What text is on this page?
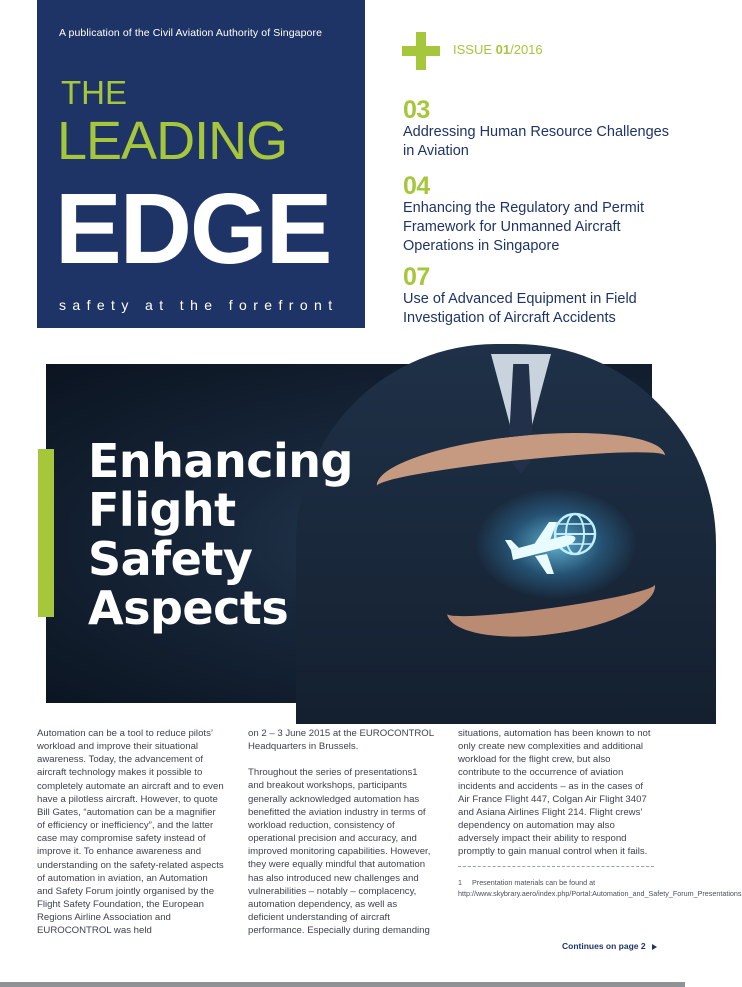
A publication of the Civil Aviation Authority of Singapore
THE
LEADING
EDGE
safety at the forefront
ISSUE 01/2016
03
Addressing Human Resource Challenges in Aviation
04
Enhancing the Regulatory and Permit Framework for Unmanned Aircraft Operations in Singapore
07
Use of Advanced Equipment in Field Investigation of Aircraft Accidents
Enhancing
Flight
Safety
Aspects

Automation can be a tool to reduce pilots’ workload and improve their situational awareness. Today, the advancement of aircraft technology makes it possible to completely automate an aircraft and to even have a pilotless aircraft. However, to quote Bill Gates, “automation can be a magnifier of efficiency or inefficiency”, and the latter case may compromise safety instead of improve it. To enhance awareness and understanding on the safety-related aspects of automation in aviation, an Automation and Safety Forum jointly organised by the Flight Safety Foundation, the European Regions Airline Association and EUROCONTROL was held

on 2 – 3 June 2015 at the EUROCONTROL Headquarters in Brussels.

Throughout the series of presentations1 and breakout workshops, participants generally acknowledged automation has benefitted the aviation industry in terms of workload reduction, consistency of operational precision and accuracy, and improved monitoring capabilities. However, they were equally mindful that automation has also introduced new challenges and vulnerabilities – notably – complacency, automation dependency, as well as deficient understanding of aircraft performance. Especially during demanding

situations, automation has been known to not only create new complexities and additional workload for the flight crew, but also contribute to the occurrence of aviation incidents and accidents – as in the cases of Air France Flight 447, Colgan Air Flight 3407 and Asiana Airlines Flight 214. Flight crews’ dependency on automation may also adversely impact their ability to respond promptly to gain manual control when it fails.

1 Presentation materials can be found at http://www.skybrary.aero/index.php/Portal:Automation_and_Safety_Forum_Presentations
Continues on page 2
